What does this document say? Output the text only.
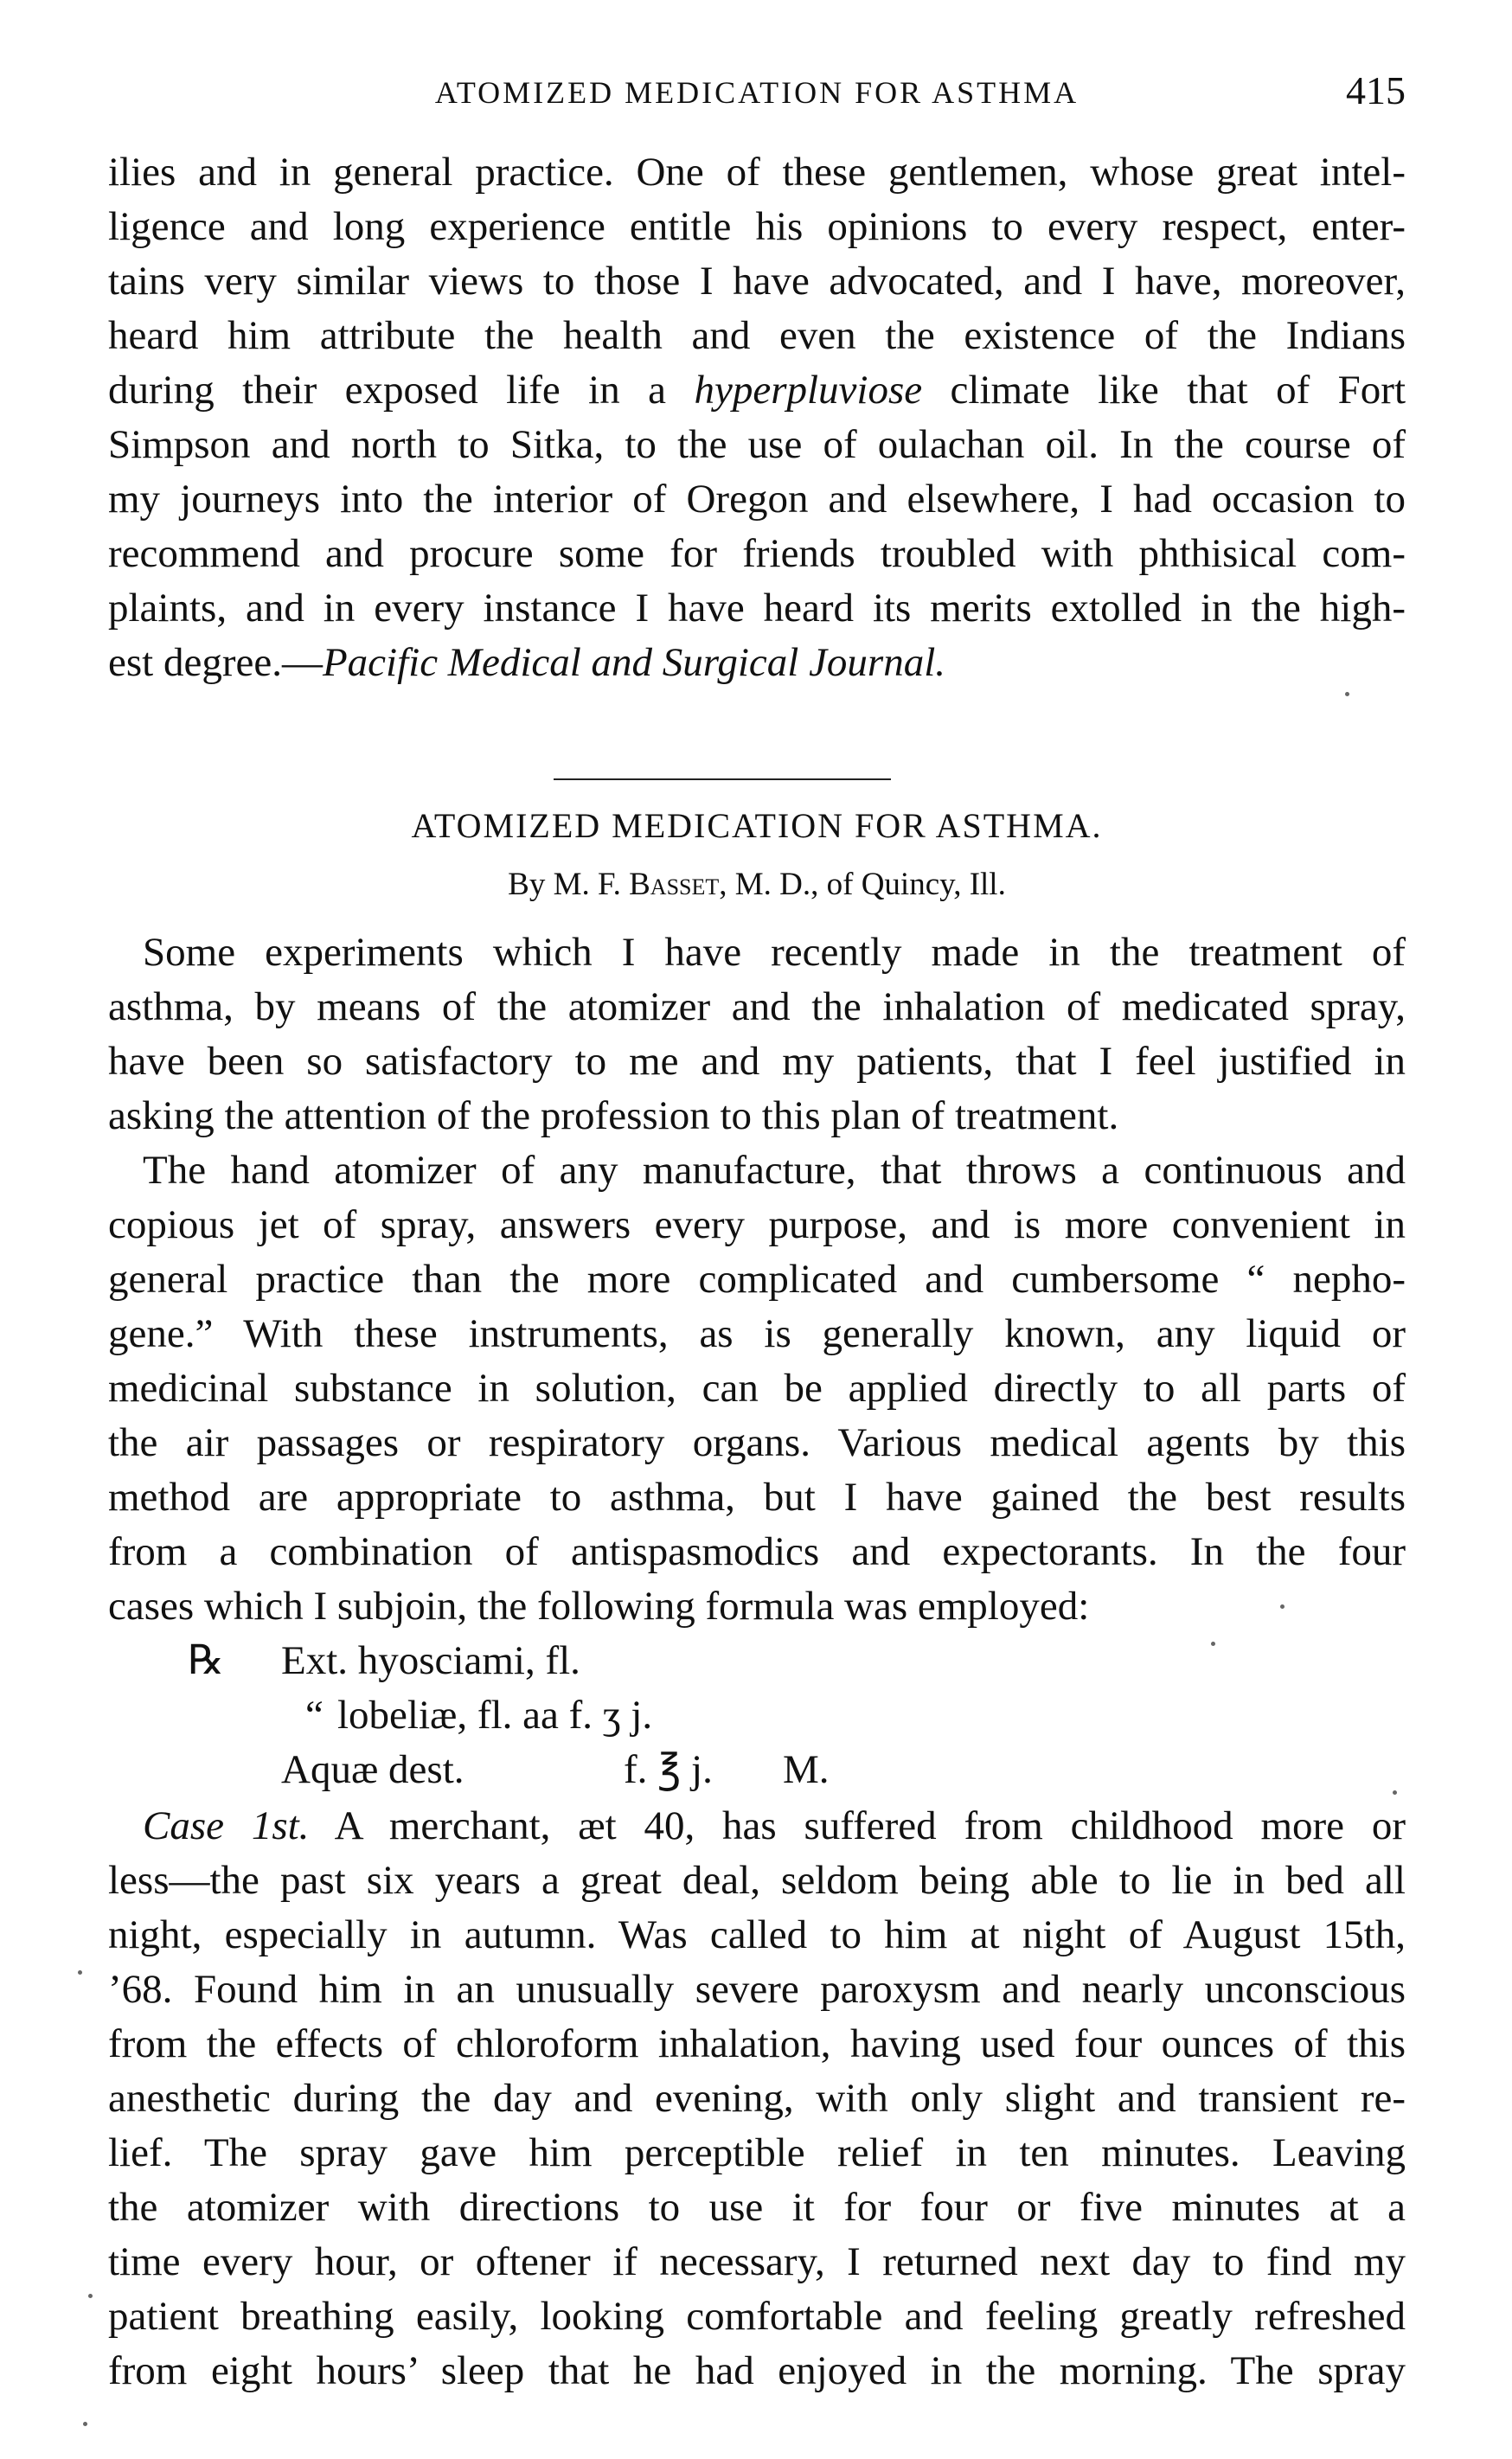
ATOMIZED MEDICATION FOR ASTHMA	415
ilies and in general practice. One of these gentlemen, whose great intel-
ligence and long experience entitle his opinions to every respect, enter-
tains very similar views to those I have advocated, and I have, moreover,
heard him attribute the health and even the existence of the Indians
during their exposed life in a hyperpluviose climate like that of Fort
Simpson and north to Sitka, to the use of oulachan oil. In the course of
my journeys into the interior of Oregon and elsewhere, I had occasion to
recommend and procure some for friends troubled with phthisical com-
plaints, and in every instance I have heard its merits extolled in the high-
est degree.—Pacific Medical and Surgical Journal.
ATOMIZED MEDICATION FOR ASTHMA.
By M. F. Basset, M. D., of Quincy, Ill.
Some experiments which I have recently made in the treatment of
asthma, by means of the atomizer and the inhalation of medicated spray,
have been so satisfactory to me and my patients, that I feel justified in
asking the attention of the profession to this plan of treatment.
The hand atomizer of any manufacture, that throws a continuous and
copious jet of spray, answers every purpose, and is more convenient in
general practice than the more complicated and cumbersome “ nepho-
gene.” With these instruments, as is generally known, any liquid or
medicinal substance in solution, can be applied directly to all parts of
the air passages or respiratory organs. Various medical agents by this
method are appropriate to asthma, but I have gained the best results
from a combination of antispasmodics and expectorants. In the four
cases which I subjoin, the following formula was employed:
℞ Ext. hyosciami, fl.
“ lobeliæ, fl. aa f. ʒ j.
Aquæ dest.	f. ℥ j. M.
Case 1st. A merchant, æt 40, has suffered from childhood more or
less—the past six years a great deal, seldom being able to lie in bed all
night, especially in autumn. Was called to him at night of August 15th,
’68. Found him in an unusually severe paroxysm and nearly unconscious
from the effects of chloroform inhalation, having used four ounces of this
anesthetic during the day and evening, with only slight and transient re-
lief. The spray gave him perceptible relief in ten minutes. Leaving
the atomizer with directions to use it for four or five minutes at a
time every hour, or oftener if necessary, I returned next day to find my
patient breathing easily, looking comfortable and feeling greatly refreshed
from eight hours’ sleep that he had enjoyed in the morning. The spray
